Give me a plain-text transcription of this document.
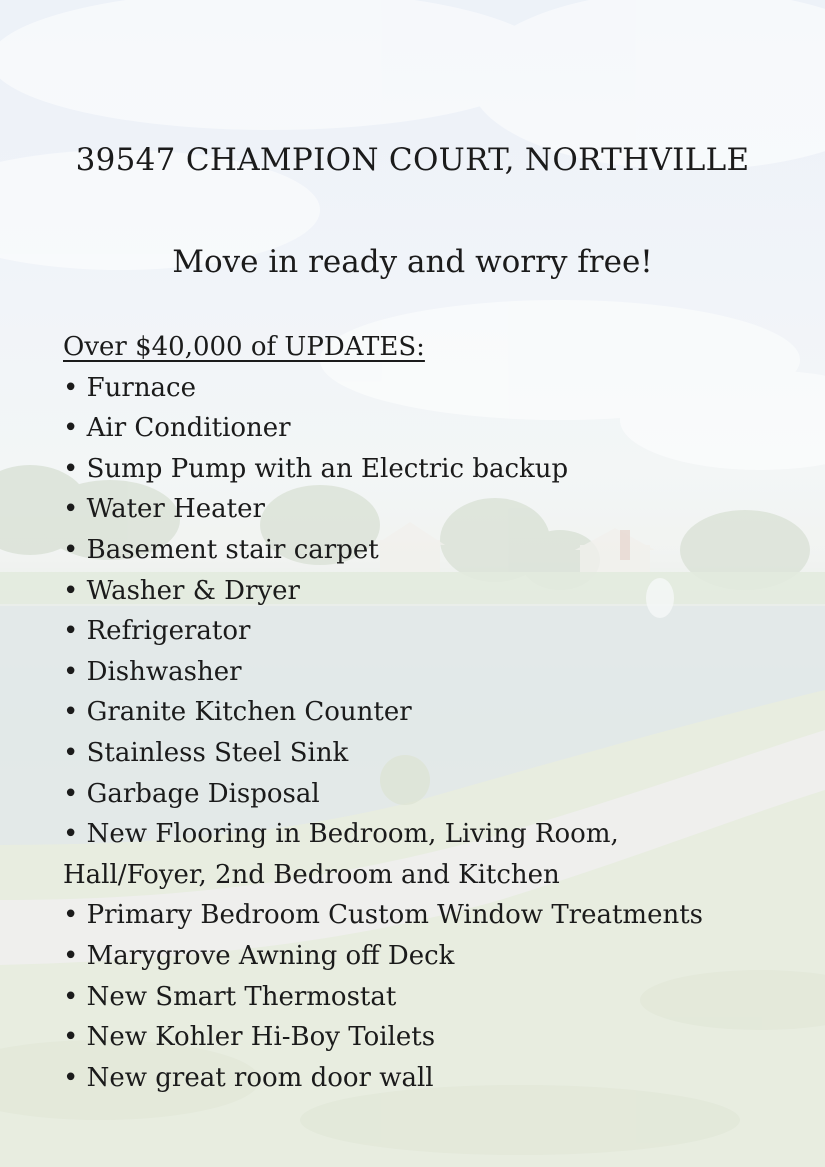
39547 CHAMPION COURT, NORTHVILLE
Move in ready and worry free!
Over $40,000 of UPDATES:
• Furnace
• Air Conditioner
• Sump Pump with an Electric backup
• Water Heater
• Basement stair carpet
• Washer & Dryer
• Refrigerator
• Dishwasher
• Granite Kitchen Counter
• Stainless Steel Sink
• Garbage Disposal
• New Flooring in Bedroom, Living Room, Hall/Foyer, 2nd Bedroom and Kitchen
• Primary Bedroom Custom Window Treatments
• Marygrove Awning off Deck
• New Smart Thermostat
• New Kohler Hi-Boy Toilets
• New great room door wall
